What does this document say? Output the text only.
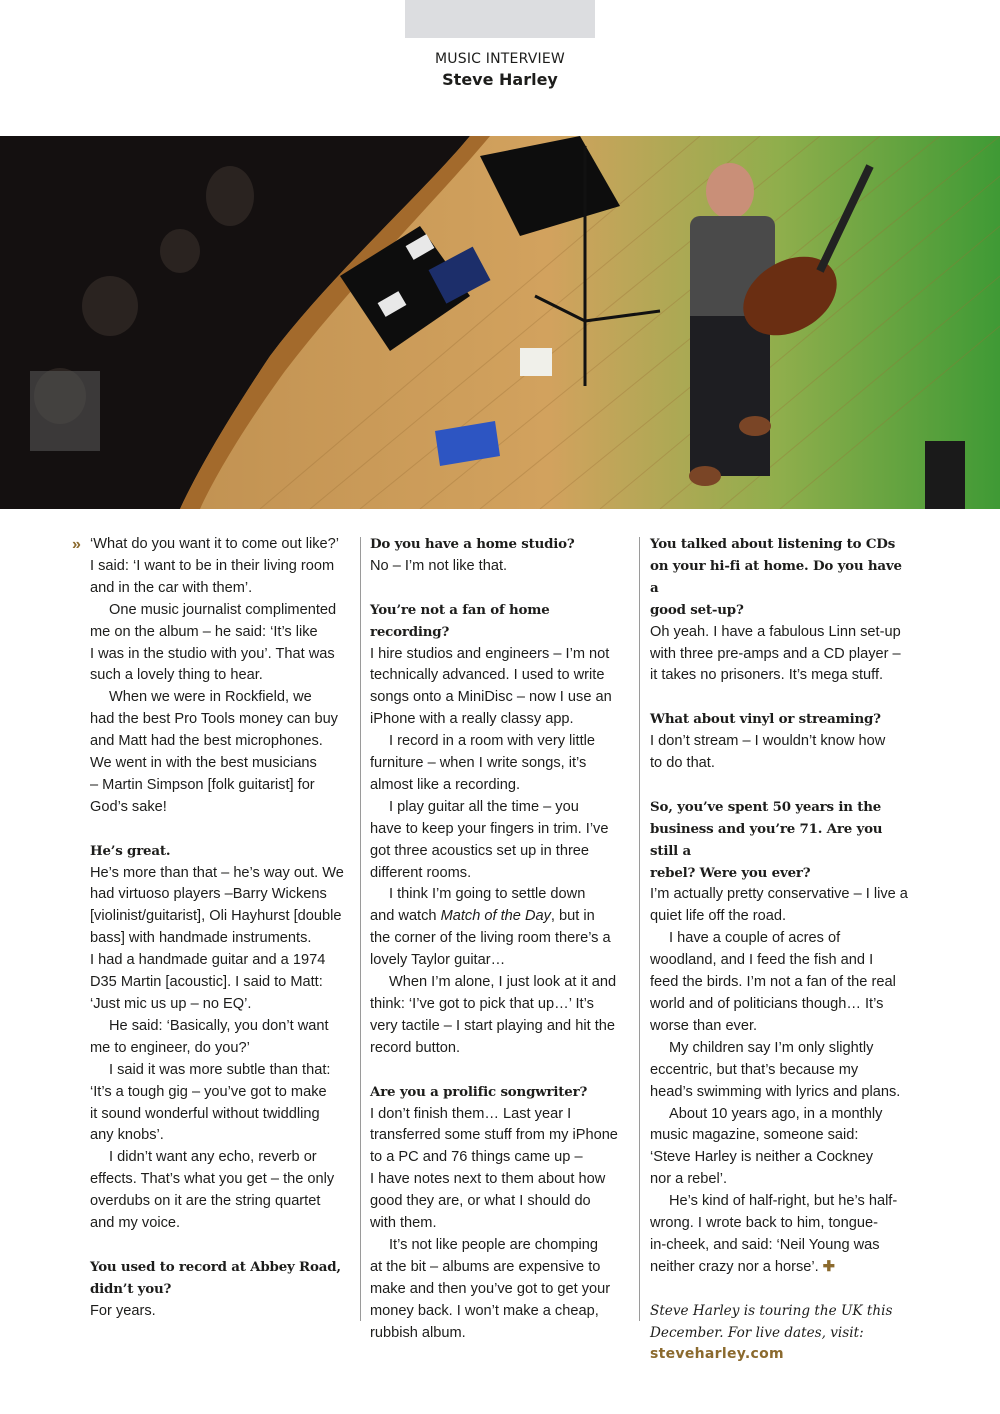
MUSIC INTERVIEW
Steve Harley
» ‘What do you want it to come out like?’
I said: ‘I want to be in their living room
and in the car with them’.

One music journalist complimented
me on the album – he said: ‘It’s like
I was in the studio with you’. That was
such a lovely thing to hear.

When we were in Rockfield, we
had the best Pro Tools money can buy
and Matt had the best microphones.
We went in with the best musicians
– Martin Simpson [folk guitarist] for
God’s sake!

He’s great.

He’s more than that – he’s way out. We
had virtuoso players –Barry Wickens
[violinist/guitarist], Oli Hayhurst [double
bass] with handmade instruments.
I had a handmade guitar and a 1974
D35 Martin [acoustic]. I said to Matt:
‘Just mic us up – no EQ’.

He said: ‘Basically, you don’t want
me to engineer, do you?’

I said it was more subtle than that:
‘It’s a tough gig – you’ve got to make
it sound wonderful without twiddling
any knobs’.

I didn’t want any echo, reverb or
effects. That’s what you get – the only
overdubs on it are the string quartet
and my voice.

You used to record at Abbey Road,
didn’t you?

For years.

Do you have a home studio?

No – I’m not like that.

You’re not a fan of home recording?

I hire studios and engineers – I’m not
technically advanced. I used to write
songs onto a MiniDisc – now I use an
iPhone with a really classy app.

I record in a room with very little
furniture – when I write songs, it’s
almost like a recording.

I play guitar all the time – you
have to keep your fingers in trim. I’ve
got three acoustics set up in three
different rooms.

I think I’m going to settle down
and watch Match of the Day, but in
the corner of the living room there’s a
lovely Taylor guitar…

When I’m alone, I just look at it and
think: ‘I’ve got to pick that up…’ It’s
very tactile – I start playing and hit the
record button.

Are you a prolific songwriter?

I don’t finish them… Last year I
transferred some stuff from my iPhone
to a PC and 76 things came up –
I have notes next to them about how
good they are, or what I should do
with them.

It’s not like people are chomping
at the bit – albums are expensive to
make and then you’ve got to get your
money back. I won’t make a cheap,
rubbish album.

You talked about listening to CDs
on your hi-fi at home. Do you have a
good set-up?

Oh yeah. I have a fabulous Linn set-up
with three pre-amps and a CD player –
it takes no prisoners. It’s mega stuff.

What about vinyl or streaming?

I don’t stream – I wouldn’t know how
to do that.

So, you’ve spent 50 years in the
business and you’re 71. Are you still a
rebel? Were you ever?

I’m actually pretty conservative – I live a
quiet life off the road.

I have a couple of acres of
woodland, and I feed the fish and I
feed the birds. I’m not a fan of the real
world and of politicians though… It’s
worse than ever.

My children say I’m only slightly
eccentric, but that’s because my
head’s swimming with lyrics and plans.

About 10 years ago, in a monthly
music magazine, someone said:
‘Steve Harley is neither a Cockney
nor a rebel’.

He’s kind of half-right, but he’s half-
wrong. I wrote back to him, tongue-
in-cheek, and said: ‘Neil Young was
neither crazy nor a horse’. ✚

Steve Harley is touring the UK this
December. For live dates, visit:

steveharley.com
